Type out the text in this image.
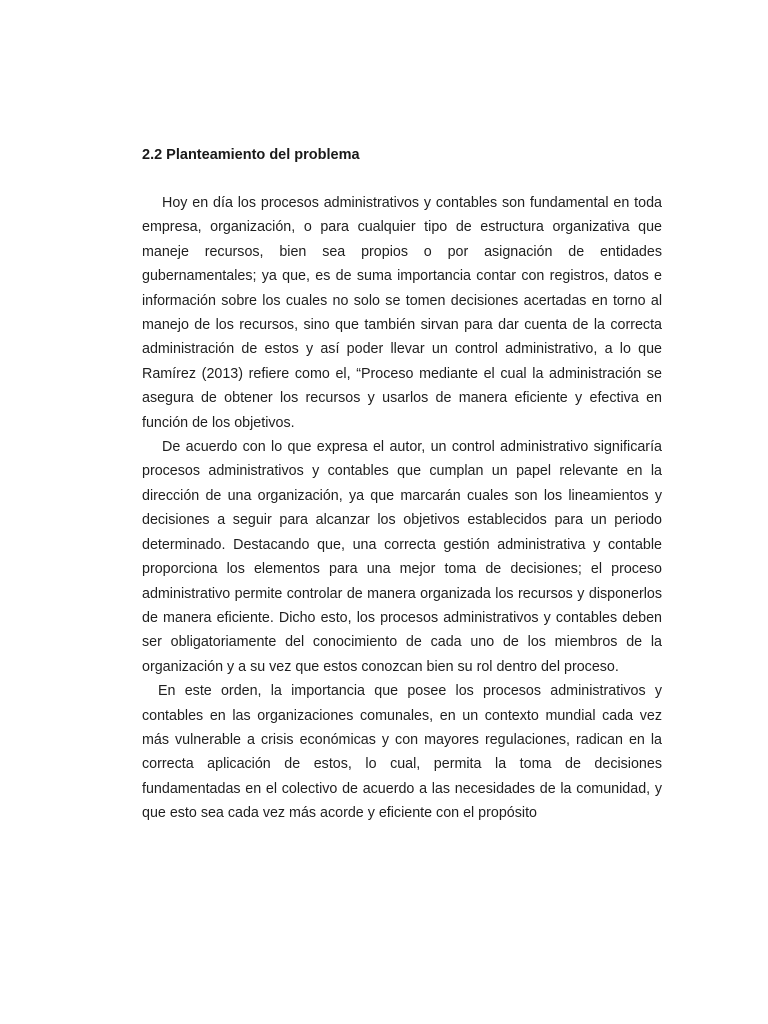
2.2 Planteamiento del problema

Hoy en día los procesos administrativos y contables son fundamental en toda empresa, organización, o para cualquier tipo de estructura organizativa que maneje recursos, bien sea propios o por asignación de entidades gubernamentales; ya que, es de suma importancia contar con registros, datos e información sobre los cuales no solo se tomen decisiones acertadas en torno al manejo de los recursos, sino que también sirvan para dar cuenta de la correcta administración de estos y así poder llevar un control administrativo, a lo que Ramírez (2013) refiere como el, “Proceso mediante el cual la administración se asegura de obtener los recursos y usarlos de manera eficiente y efectiva en función de los objetivos.

De acuerdo con lo que expresa el autor, un control administrativo significaría procesos administrativos y contables que cumplan un papel relevante en la dirección de una organización, ya que marcarán cuales son los lineamientos y decisiones a seguir para alcanzar los objetivos establecidos para un periodo determinado. Destacando que, una correcta gestión administrativa y contable proporciona los elementos para una mejor toma de decisiones; el proceso administrativo permite controlar de manera organizada los recursos y disponerlos de manera eficiente. Dicho esto, los procesos administrativos y contables deben ser obligatoriamente del conocimiento de cada uno de los miembros de la organización y a su vez que estos conozcan bien su rol dentro del proceso.

En este orden, la importancia que posee los procesos administrativos y contables en las organizaciones comunales, en un contexto mundial cada vez más vulnerable a crisis económicas y con mayores regulaciones, radican en la correcta aplicación de estos, lo cual, permita la toma de decisiones fundamentadas en el colectivo de acuerdo a las necesidades de la comunidad, y que esto sea cada vez más acorde y eficiente con el propósito
